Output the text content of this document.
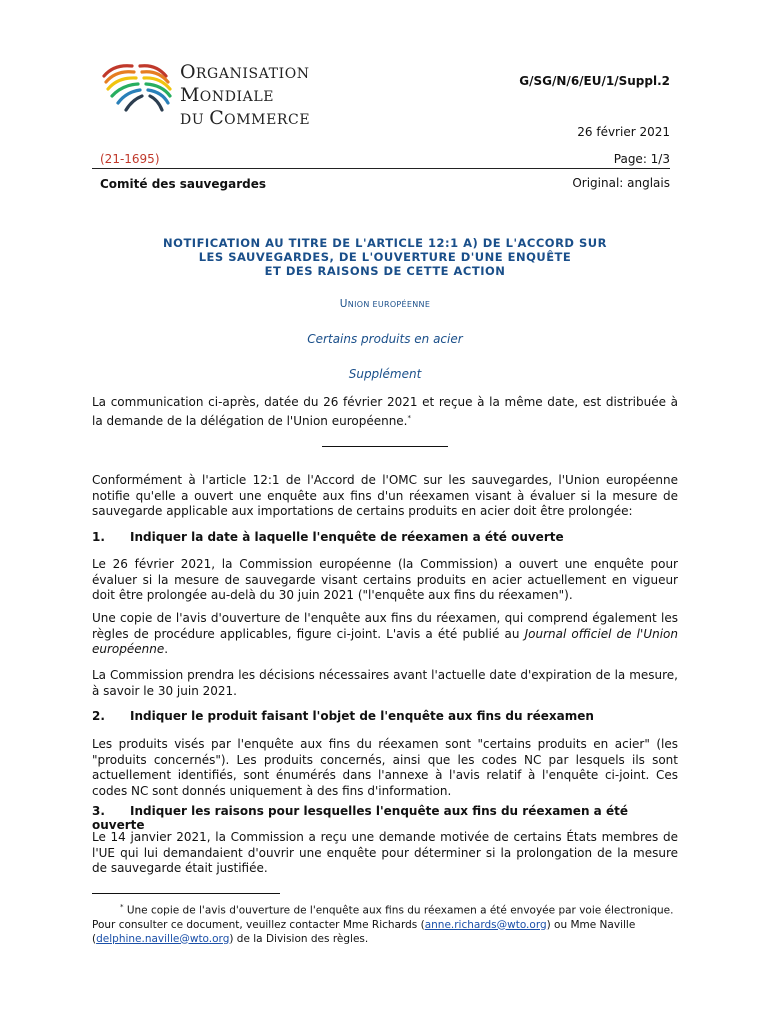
ORGANISATION
MONDIALE
DU COMMERCE
G/SG/N/6/EU/1/Suppl.2
26 février 2021
(21-1695)	Page: 1/3
Comité des sauvegardes	Original: anglais
NOTIFICATION AU TITRE DE L'ARTICLE 12:1 A) DE L'ACCORD SUR
LES SAUVEGARDES, DE L'OUVERTURE D'UNE ENQUÊTE
ET DES RAISONS DE CETTE ACTION
UNION EUROPÉENNE
Certains produits en acier
Supplément

La communication ci-après, datée du 26 février 2021 et reçue à la même date, est distribuée à la demande de la délégation de l'Union européenne.*

Conformément à l'article 12:1 de l'Accord de l'OMC sur les sauvegardes, l'Union européenne notifie qu'elle a ouvert une enquête aux fins d'un réexamen visant à évaluer si la mesure de sauvegarde applicable aux importations de certains produits en acier doit être prolongée:

1. Indiquer la date à laquelle l'enquête de réexamen a été ouverte

Le 26 février 2021, la Commission européenne (la Commission) a ouvert une enquête pour évaluer si la mesure de sauvegarde visant certains produits en acier actuellement en vigueur doit être prolongée au-delà du 30 juin 2021 ("l'enquête aux fins du réexamen").

Une copie de l'avis d'ouverture de l'enquête aux fins du réexamen, qui comprend également les règles de procédure applicables, figure ci-joint. L'avis a été publié au Journal officiel de l'Union européenne.

La Commission prendra les décisions nécessaires avant l'actuelle date d'expiration de la mesure, à savoir le 30 juin 2021.

2. Indiquer le produit faisant l'objet de l'enquête aux fins du réexamen

Les produits visés par l'enquête aux fins du réexamen sont "certains produits en acier" (les "produits concernés"). Les produits concernés, ainsi que les codes NC par lesquels ils sont actuellement identifiés, sont énumérés dans l'annexe à l'avis relatif à l'enquête ci-joint. Ces codes NC sont donnés uniquement à des fins d'information.

3. Indiquer les raisons pour lesquelles l'enquête aux fins du réexamen a été ouverte

Le 14 janvier 2021, la Commission a reçu une demande motivée de certains États membres de l'UE qui lui demandaient d'ouvrir une enquête pour déterminer si la prolongation de la mesure de sauvegarde était justifiée.

* Une copie de l'avis d'ouverture de l'enquête aux fins du réexamen a été envoyée par voie électronique. Pour consulter ce document, veuillez contacter Mme Richards (anne.richards@wto.org) ou Mme Naville (delphine.naville@wto.org) de la Division des règles.
